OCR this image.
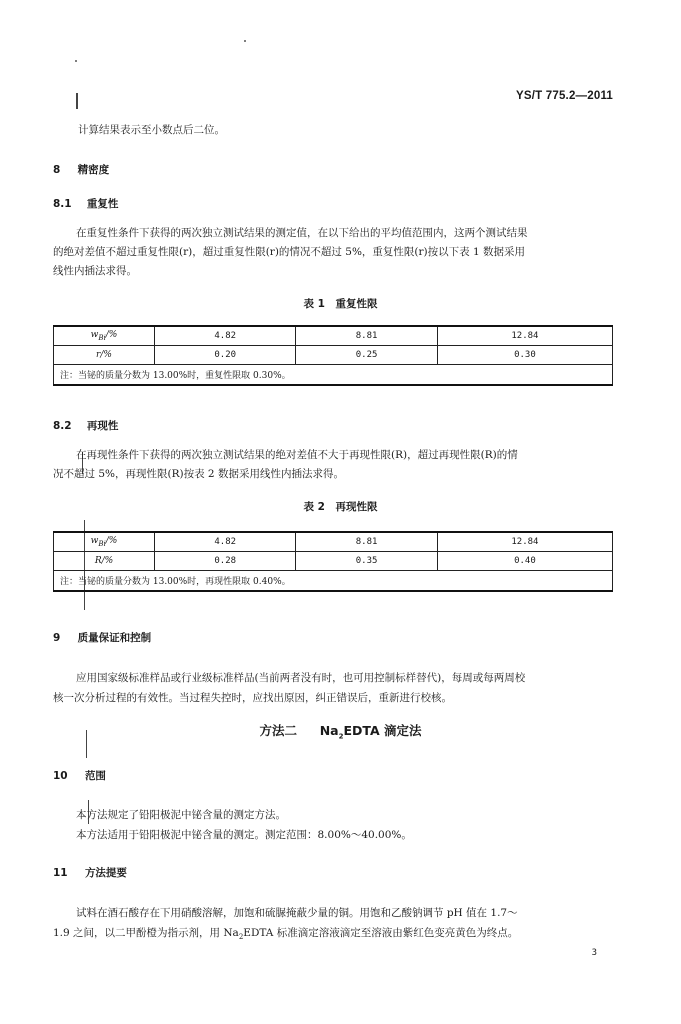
YS/T 775.2—2011
计算结果表示至小数点后二位。
8 精密度
8.1 重复性
在重复性条件下获得的两次独立测试结果的测定值，在以下给出的平均值范围内，这两个测试结果
的绝对差值不超过重复性限(r)，超过重复性限(r)的情况不超过 5%，重复性限(r)按以下表 1 数据采用
线性内插法求得。
表 1　重复性限
$w_{Bi}/\%$	4.82	8.81	12.84
r/%	0.20	0.25	0.30
注：当铋的质量分数为 13.00%时，重复性限取 0.30%。			
8.2 再现性
在再现性条件下获得的两次独立测试结果的绝对差值不大于再现性限(R)，超过再现性限(R)的情
况不超过 5%，再现性限(R)按表 2 数据采用线性内插法求得。
表 2　再现性限
$w_{Bi}/\%$	4.82	8.81	12.84
R/%	0.28	0.35	0.40
注：当铋的质量分数为 13.00%时，再现性限取 0.40%。			
9 质量保证和控制
应用国家级标准样品或行业级标准样品(当前两者没有时，也可用控制标样替代)，每周或每两周校
核一次分析过程的有效性。当过程失控时，应找出原因，纠正错误后，重新进行校核。
方法二 $Na_2EDTA$ 滴定法
10 范围
本方法规定了铅阳极泥中铋含量的测定方法。
本方法适用于铅阳极泥中铋含量的测定。测定范围：8.00%～40.00%。
11 方法提要
试料在酒石酸存在下用硝酸溶解，加饱和硫脲掩蔽少量的铜。用饱和乙酸钠调节 pH 值在 1.7～
1.9 之间，以二甲酚橙为指示剂，用 $Na_2EDTA$ 标准滴定溶液滴定至溶液由紫红色变亮黄色为终点。
3
